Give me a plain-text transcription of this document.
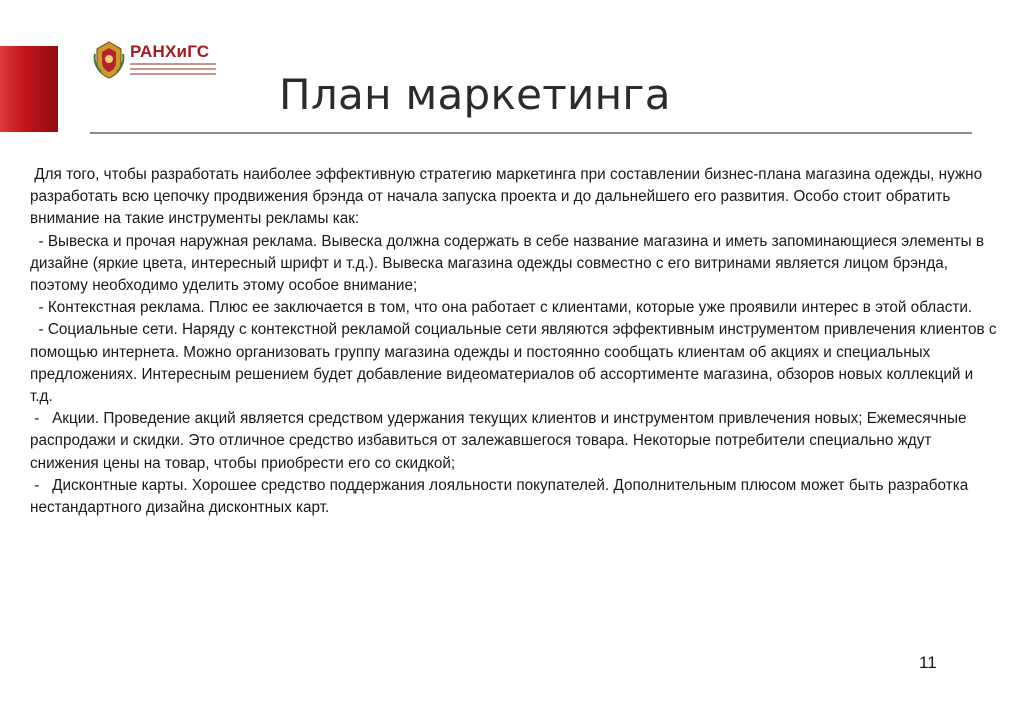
РАНХиГС
План маркетинга

Для того, чтобы разработать наиболее эффективную стратегию маркетинга при составлении бизнес-плана магазина одежды, нужно разработать всю цепочку продвижения брэнда от начала запуска проекта и до дальнейшего его развития. Особо стоит обратить внимание на такие инструменты рекламы как:

- Вывеска и прочая наружная реклама. Вывеска должна содержать в себе название магазина и иметь запоминающиеся элементы в дизайне (яркие цвета, интересный шрифт и т.д.). Вывеска магазина одежды совместно с его витринами является лицом брэнда, поэтому необходимо уделить этому особое внимание;

- Контекстная реклама. Плюс ее заключается в том, что она работает с клиентами, которые уже проявили интерес в этой области.

- Социальные сети. Наряду с контекстной рекламой социальные сети являются эффективным инструментом привлечения клиентов с помощью интернета. Можно организовать группу магазина одежды и постоянно сообщать клиентам об акциях и специальных предложениях. Интересным решением будет добавление видеоматериалов об ассортименте магазина, обзоров новых коллекций и т.д.

-   Акции. Проведение акций является средством удержания текущих клиентов и инструментом привлечения новых; Ежемесячные распродажи и скидки. Это отличное средство избавиться от залежавшегося товара. Некоторые потребители специально ждут снижения цены на товар, чтобы приобрести его со скидкой;

-   Дисконтные карты. Хорошее средство поддержания лояльности покупателей. Дополнительным плюсом может быть разработка нестандартного дизайна дисконтных карт.

11
